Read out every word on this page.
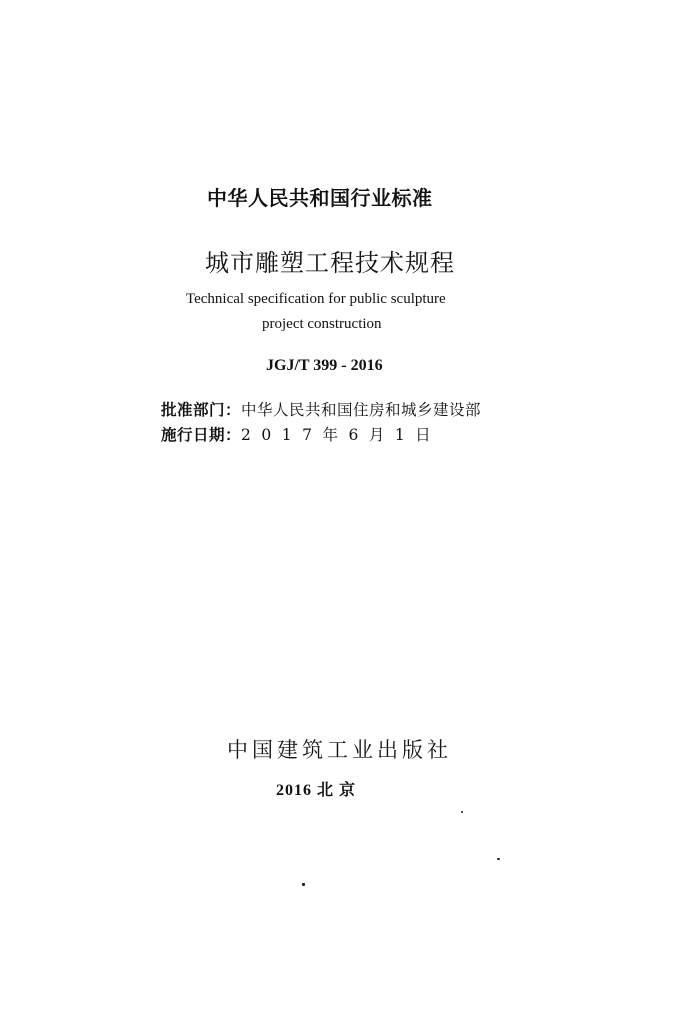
中华人民共和国行业标准
城市雕塑工程技术规程
Technical specification for public sculpture
project construction
JGJ/T 399 - 2016
批准部门： 中华人民共和国住房和城乡建设部
施行日期： 2017年6月1日
中国建筑工业出版社
2016 北 京
